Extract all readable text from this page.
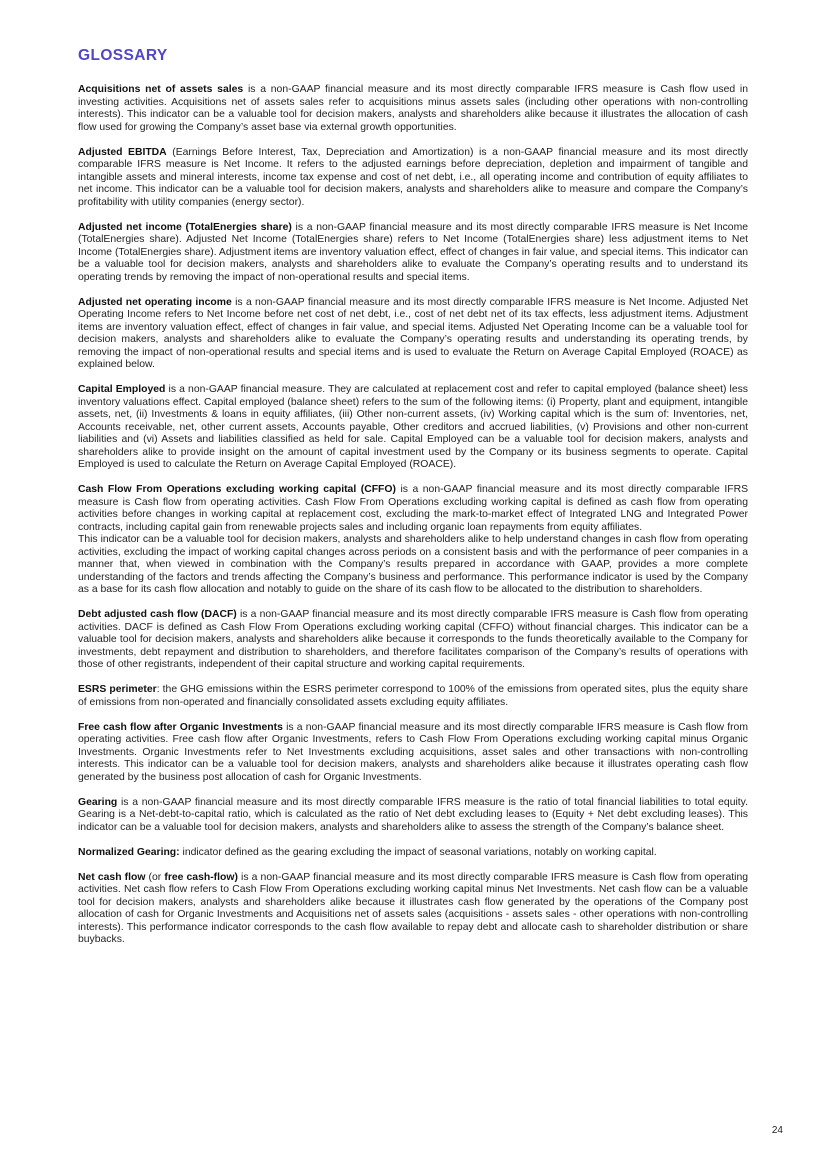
GLOSSARY

Acquisitions net of assets sales is a non-GAAP financial measure and its most directly comparable IFRS measure is Cash flow used in investing activities. Acquisitions net of assets sales refer to acquisitions minus assets sales (including other operations with non-controlling interests). This indicator can be a valuable tool for decision makers, analysts and shareholders alike because it illustrates the allocation of cash flow used for growing the Company’s asset base via external growth opportunities.

Adjusted EBITDA (Earnings Before Interest, Tax, Depreciation and Amortization) is a non-GAAP financial measure and its most directly comparable IFRS measure is Net Income. It refers to the adjusted earnings before depreciation, depletion and impairment of tangible and intangible assets and mineral interests, income tax expense and cost of net debt, i.e., all operating income and contribution of equity affiliates to net income. This indicator can be a valuable tool for decision makers, analysts and shareholders alike to measure and compare the Company’s profitability with utility companies (energy sector).

Adjusted net income (TotalEnergies share) is a non-GAAP financial measure and its most directly comparable IFRS measure is Net Income (TotalEnergies share). Adjusted Net Income (TotalEnergies share) refers to Net Income (TotalEnergies share) less adjustment items to Net Income (TotalEnergies share). Adjustment items are inventory valuation effect, effect of changes in fair value, and special items. This indicator can be a valuable tool for decision makers, analysts and shareholders alike to evaluate the Company’s operating results and to understand its operating trends by removing the impact of non-operational results and special items.

Adjusted net operating income is a non-GAAP financial measure and its most directly comparable IFRS measure is Net Income. Adjusted Net Operating Income refers to Net Income before net cost of net debt, i.e., cost of net debt net of its tax effects, less adjustment items. Adjustment items are inventory valuation effect, effect of changes in fair value, and special items. Adjusted Net Operating Income can be a valuable tool for decision makers, analysts and shareholders alike to evaluate the Company’s operating results and understanding its operating trends, by removing the impact of non-operational results and special items and is used to evaluate the Return on Average Capital Employed (ROACE) as explained below.

Capital Employed is a non-GAAP financial measure. They are calculated at replacement cost and refer to capital employed (balance sheet) less inventory valuations effect. Capital employed (balance sheet) refers to the sum of the following items: (i) Property, plant and equipment, intangible assets, net, (ii) Investments & loans in equity affiliates, (iii) Other non-current assets, (iv) Working capital which is the sum of: Inventories, net, Accounts receivable, net, other current assets, Accounts payable, Other creditors and accrued liabilities, (v) Provisions and other non-current liabilities and (vi) Assets and liabilities classified as held for sale. Capital Employed can be a valuable tool for decision makers, analysts and shareholders alike to provide insight on the amount of capital investment used by the Company or its business segments to operate. Capital Employed is used to calculate the Return on Average Capital Employed (ROACE).

Cash Flow From Operations excluding working capital (CFFO) is a non-GAAP financial measure and its most directly comparable IFRS measure is Cash flow from operating activities. Cash Flow From Operations excluding working capital is defined as cash flow from operating activities before changes in working capital at replacement cost, excluding the mark-to-market effect of Integrated LNG and Integrated Power contracts, including capital gain from renewable projects sales and including organic loan repayments from equity affiliates.
This indicator can be a valuable tool for decision makers, analysts and shareholders alike to help understand changes in cash flow from operating activities, excluding the impact of working capital changes across periods on a consistent basis and with the performance of peer companies in a manner that, when viewed in combination with the Company’s results prepared in accordance with GAAP, provides a more complete understanding of the factors and trends affecting the Company’s business and performance. This performance indicator is used by the Company as a base for its cash flow allocation and notably to guide on the share of its cash flow to be allocated to the distribution to shareholders.

Debt adjusted cash flow (DACF) is a non-GAAP financial measure and its most directly comparable IFRS measure is Cash flow from operating activities. DACF is defined as Cash Flow From Operations excluding working capital (CFFO) without financial charges. This indicator can be a valuable tool for decision makers, analysts and shareholders alike because it corresponds to the funds theoretically available to the Company for investments, debt repayment and distribution to shareholders, and therefore facilitates comparison of the Company’s results of operations with those of other registrants, independent of their capital structure and working capital requirements.

ESRS perimeter: the GHG emissions within the ESRS perimeter correspond to 100% of the emissions from operated sites, plus the equity share of emissions from non-operated and financially consolidated assets excluding equity affiliates.

Free cash flow after Organic Investments is a non-GAAP financial measure and its most directly comparable IFRS measure is Cash flow from operating activities. Free cash flow after Organic Investments, refers to Cash Flow From Operations excluding working capital minus Organic Investments. Organic Investments refer to Net Investments excluding acquisitions, asset sales and other transactions with non-controlling interests. This indicator can be a valuable tool for decision makers, analysts and shareholders alike because it illustrates operating cash flow generated by the business post allocation of cash for Organic Investments.

Gearing is a non-GAAP financial measure and its most directly comparable IFRS measure is the ratio of total financial liabilities to total equity. Gearing is a Net-debt-to-capital ratio, which is calculated as the ratio of Net debt excluding leases to (Equity + Net debt excluding leases). This indicator can be a valuable tool for decision makers, analysts and shareholders alike to assess the strength of the Company’s balance sheet.

Normalized Gearing: indicator defined as the gearing excluding the impact of seasonal variations, notably on working capital.

Net cash flow (or free cash-flow) is a non-GAAP financial measure and its most directly comparable IFRS measure is Cash flow from operating activities. Net cash flow refers to Cash Flow From Operations excluding working capital minus Net Investments. Net cash flow can be a valuable tool for decision makers, analysts and shareholders alike because it illustrates cash flow generated by the operations of the Company post allocation of cash for Organic Investments and Acquisitions net of assets sales (acquisitions - assets sales - other operations with non-controlling interests). This performance indicator corresponds to the cash flow available to repay debt and allocate cash to shareholder distribution or share buybacks.

24
